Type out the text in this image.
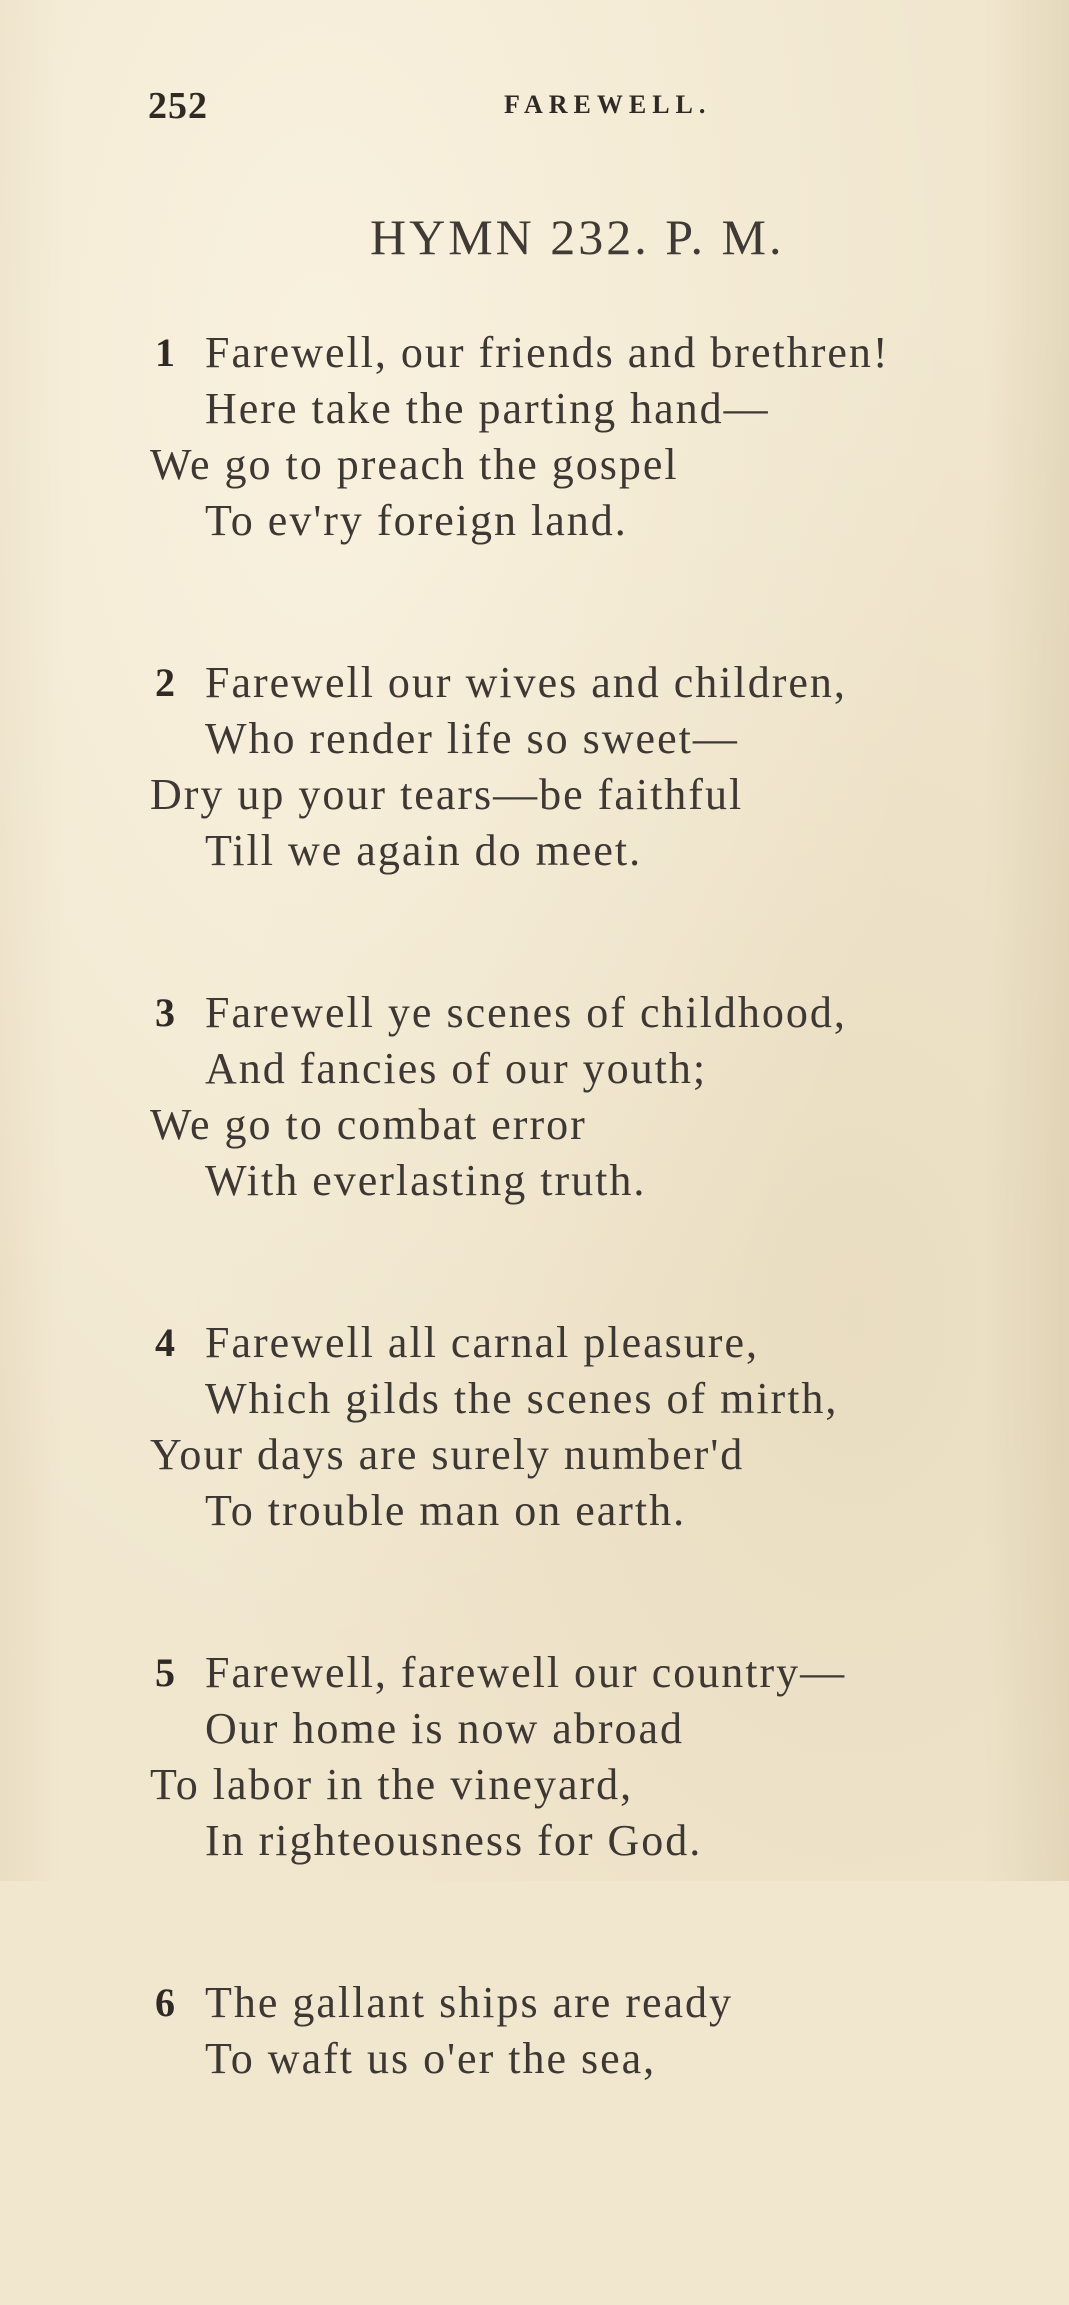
252	FAREWELL.
HYMN 232. P. M.
1 Farewell, our friends and brethren!
Here take the parting hand—
We go to preach the gospel
To ev'ry foreign land.
2 Farewell our wives and children,
Who render life so sweet—
Dry up your tears—be faithful
Till we again do meet.
3 Farewell ye scenes of childhood,
And fancies of our youth;
We go to combat error
With everlasting truth.
4 Farewell all carnal pleasure,
Which gilds the scenes of mirth,
Your days are surely number'd
To trouble man on earth.
5 Farewell, farewell our country—
Our home is now abroad
To labor in the vineyard,
In righteousness for God.
6 The gallant ships are ready
To waft us o'er the sea,
